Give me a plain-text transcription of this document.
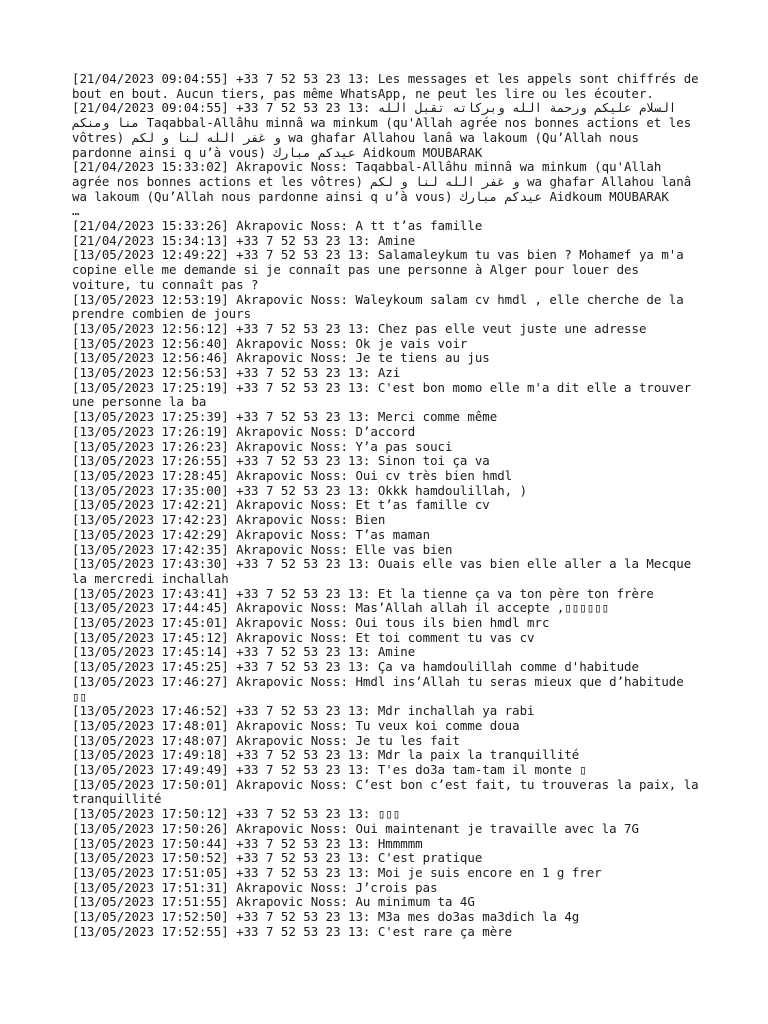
[21/04/2023 09:04:55] +33 7 52 53 23 13: Les messages et les appels sont chiffrés de bout en bout. Aucun tiers, pas même WhatsApp, ne peut les lire ou les écouter.
[21/04/2023 09:04:55] +33 7 52 53 23 13: السلام عليكم ورحمة الله وبركاته تقبل الله منا ومنكم Taqabbal-Allâhu minnâ wa minkum (qu'Allah agrée nos bonnes actions et les vôtres) و غفر الله لنا و لكم wa ghafar Allahou lanâ wa lakoum (Qu’Allah nous pardonne ainsi q u’à vous) عيدكم مبارك Aidkoum MOUBARAK
[21/04/2023 15:33:02] Akrapovic Noss: Taqabbal-Allâhu minnâ wa minkum (qu'Allah agrée nos bonnes actions et les vôtres) و غفر الله لنا و لكم wa ghafar Allahou lanâ wa lakoum (Qu’Allah nous pardonne ainsi q u’à vous) عيدكم مبارك Aidkoum MOUBARAK
…
[21/04/2023 15:33:26] Akrapovic Noss: A tt t’as famille
[21/04/2023 15:34:13] +33 7 52 53 23 13: Amine
[13/05/2023 12:49:22] +33 7 52 53 23 13: Salamaleykum tu vas bien ? Mohamef ya m'a copine elle me demande si je connaît pas une personne à Alger pour louer des voiture, tu connaît pas ?
[13/05/2023 12:53:19] Akrapovic Noss: Waleykoum salam cv hmdl , elle cherche de la prendre combien de jours
[13/05/2023 12:56:12] +33 7 52 53 23 13: Chez pas elle veut juste une adresse
[13/05/2023 12:56:40] Akrapovic Noss: Ok je vais voir
[13/05/2023 12:56:46] Akrapovic Noss: Je te tiens au jus
[13/05/2023 12:56:53] +33 7 52 53 23 13: Azi
[13/05/2023 17:25:19] +33 7 52 53 23 13: C'est bon momo elle m'a dit elle a trouver une personne la ba
[13/05/2023 17:25:39] +33 7 52 53 23 13: Merci comme même
[13/05/2023 17:26:19] Akrapovic Noss: D’accord
[13/05/2023 17:26:23] Akrapovic Noss: Y’a pas souci
[13/05/2023 17:26:55] +33 7 52 53 23 13: Sinon toi ça va
[13/05/2023 17:28:45] Akrapovic Noss: Oui cv très bien hmdl
[13/05/2023 17:35:00] +33 7 52 53 23 13: Okkk hamdoulillah, )
[13/05/2023 17:42:21] Akrapovic Noss: Et t’as famille cv
[13/05/2023 17:42:23] Akrapovic Noss: Bien
[13/05/2023 17:42:29] Akrapovic Noss: T’as maman
[13/05/2023 17:42:35] Akrapovic Noss: Elle vas bien
[13/05/2023 17:43:30] +33 7 52 53 23 13: Ouais elle vas bien elle aller a la Mecque la mercredi inchallah
[13/05/2023 17:43:41] +33 7 52 53 23 13: Et la tienne ça va ton père ton frère
[13/05/2023 17:44:45] Akrapovic Noss: Mas’Allah allah il accepte ,▯▯▯▯▯▯
[13/05/2023 17:45:01] Akrapovic Noss: Oui tous ils bien hmdl mrc
[13/05/2023 17:45:12] Akrapovic Noss: Et toi comment tu vas cv
[13/05/2023 17:45:14] +33 7 52 53 23 13: Amine
[13/05/2023 17:45:25] +33 7 52 53 23 13: Ça va hamdoulillah comme d'habitude
[13/05/2023 17:46:27] Akrapovic Noss: Hmdl ins’Allah tu seras mieux que d’habitude ▯▯
[13/05/2023 17:46:52] +33 7 52 53 23 13: Mdr inchallah ya rabi
[13/05/2023 17:48:01] Akrapovic Noss: Tu veux koi comme doua
[13/05/2023 17:48:07] Akrapovic Noss: Je tu les fait
[13/05/2023 17:49:18] +33 7 52 53 23 13: Mdr la paix la tranquillité
[13/05/2023 17:49:49] +33 7 52 53 23 13: T'es do3a tam-tam il monte ▯
[13/05/2023 17:50:01] Akrapovic Noss: C’est bon c’est fait, tu trouveras la paix, la tranquillité
[13/05/2023 17:50:12] +33 7 52 53 23 13: ▯▯▯
[13/05/2023 17:50:26] Akrapovic Noss: Oui maintenant je travaille avec la 7G
[13/05/2023 17:50:44] +33 7 52 53 23 13: Hmmmmm
[13/05/2023 17:50:52] +33 7 52 53 23 13: C'est pratique
[13/05/2023 17:51:05] +33 7 52 53 23 13: Moi je suis encore en 1 g frer
[13/05/2023 17:51:31] Akrapovic Noss: J’crois pas
[13/05/2023 17:51:55] Akrapovic Noss: Au minimum ta 4G
[13/05/2023 17:52:50] +33 7 52 53 23 13: M3a mes do3as ma3dich la 4g
[13/05/2023 17:52:55] +33 7 52 53 23 13: C'est rare ça mère
